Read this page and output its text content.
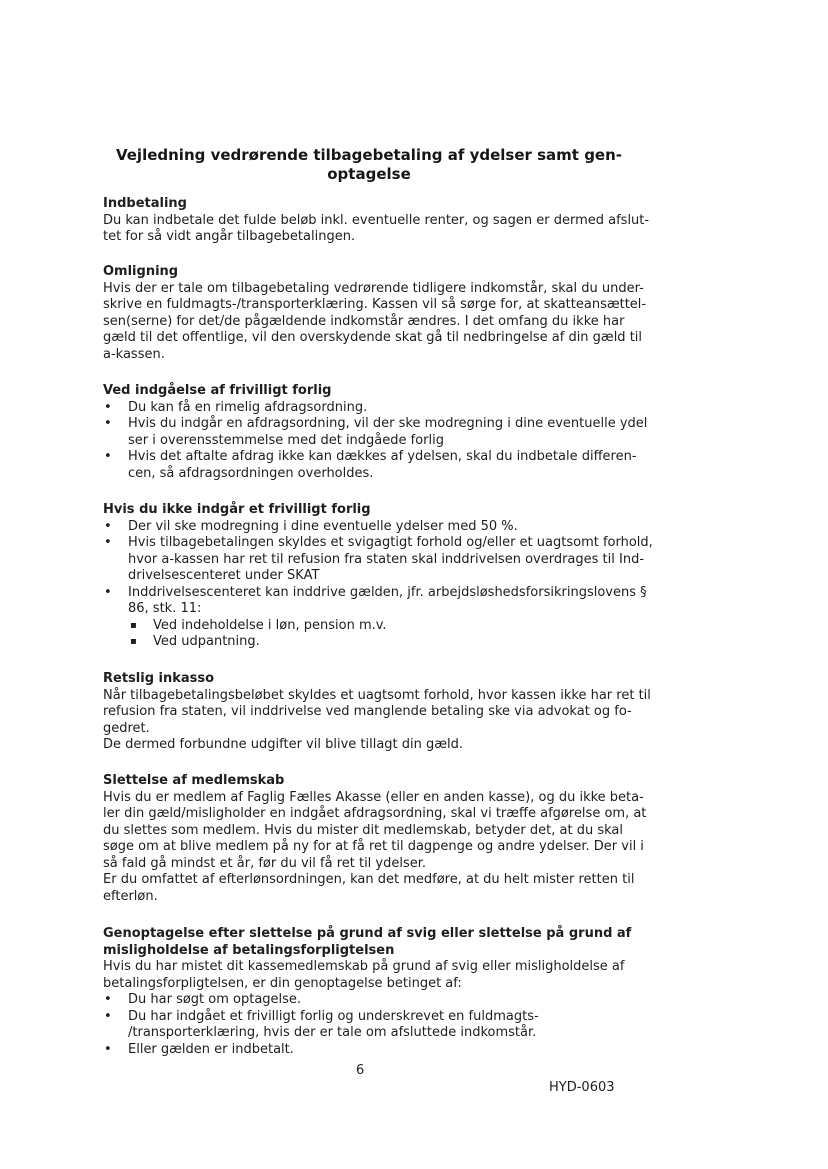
Vejledning vedrørende tilbagebetaling af ydelser samt gen-
optagelse
Indbetaling
Du kan indbetale det fulde beløb inkl. eventuelle renter, og sagen er dermed afslut-
tet for så vidt angår tilbagebetalingen.
Omligning
Hvis der er tale om tilbagebetaling vedrørende tidligere indkomstår, skal du under-
skrive en fuldmagts-/transporterklæring. Kassen vil så sørge for, at skatteansættel-
sen(serne) for det/de pågældende indkomstår ændres. I det omfang du ikke har
gæld til det offentlige, vil den overskydende skat gå til nedbringelse af din gæld til
a-kassen.
Ved indgåelse af frivilligt forlig
• Du kan få en rimelig afdragsordning.
• Hvis du indgår en afdragsordning, vil der ske modregning i dine eventuelle ydel
ser i overensstemmelse med det indgåede forlig
• Hvis det aftalte afdrag ikke kan dækkes af ydelsen, skal du indbetale differen-
cen, så afdragsordningen overholdes.
Hvis du ikke indgår et frivilligt forlig
• Der vil ske modregning i dine eventuelle ydelser med 50 %.
• Hvis tilbagebetalingen skyldes et svigagtigt forhold og/eller et uagtsomt forhold,
hvor a-kassen har ret til refusion fra staten skal inddrivelsen overdrages til Ind-
drivelsescenteret under SKAT
• Inddrivelsescenteret kan inddrive gælden, jfr. arbejdsløshedsforsikringslovens §
86, stk. 11:
▪ Ved indeholdelse i løn, pension m.v.
▪ Ved udpantning.
Retslig inkasso
Når tilbagebetalingsbeløbet skyldes et uagtsomt forhold, hvor kassen ikke har ret til
refusion fra staten, vil inddrivelse ved manglende betaling ske via advokat og fo-
gedret.
De dermed forbundne udgifter vil blive tillagt din gæld.
Slettelse af medlemskab
Hvis du er medlem af Faglig Fælles Akasse (eller en anden kasse), og du ikke beta-
ler din gæld/misligholder en indgået afdragsordning, skal vi træffe afgørelse om, at
du slettes som medlem. Hvis du mister dit medlemskab, betyder det, at du skal
søge om at blive medlem på ny for at få ret til dagpenge og andre ydelser. Der vil i
så fald gå mindst et år, før du vil få ret til ydelser.
Er du omfattet af efterlønsordningen, kan det medføre, at du helt mister retten til
efterløn.
Genoptagelse efter slettelse på grund af svig eller slettelse på grund af
misligholdelse af betalingsforpligtelsen
Hvis du har mistet dit kassemedlemskab på grund af svig eller misligholdelse af
betalingsforpligtelsen, er din genoptagelse betinget af:
• Du har søgt om optagelse.
• Du har indgået et frivilligt forlig og underskrevet en fuldmagts-
/transporterklæring, hvis der er tale om afsluttede indkomstår.
• Eller gælden er indbetalt.
6
HYD-0603
